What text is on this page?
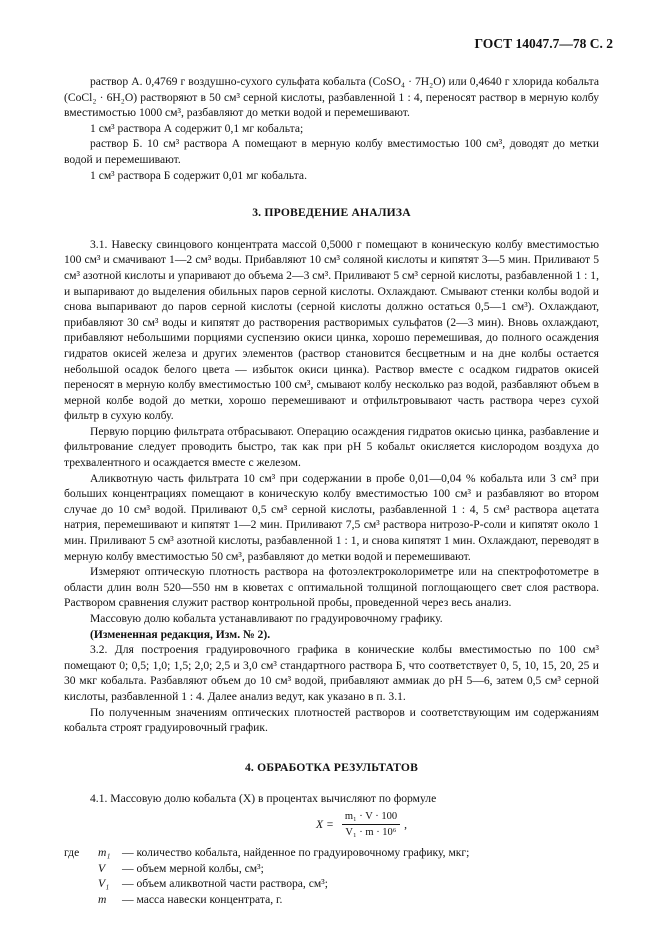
ГОСТ 14047.7—78 С. 2

раствор А. 0,4769 г воздушно-сухого сульфата кобальта (CoSO₄ · 7H₂O) или 0,4640 г хлорида кобальта (CoCl₂ · 6H₂O) растворяют в 50 см³ серной кислоты, разбавленной 1 : 4, переносят раствор в мерную колбу вместимостью 1000 см³, разбавляют до метки водой и перемешивают.

1 см³ раствора А содержит 0,1 мг кобальта;

раствор Б. 10 см³ раствора А помещают в мерную колбу вместимостью 100 см³, доводят до метки водой и перемешивают.

1 см³ раствора Б содержит 0,01 мг кобальта.

3. ПРОВЕДЕНИЕ АНАЛИЗА

3.1. Навеску свинцового концентрата массой 0,5000 г помещают в коническую колбу вместимостью 100 см³ и смачивают 1—2 см³ воды. Прибавляют 10 см³ соляной кислоты и кипятят 3—5 мин. Приливают 5 см³ азотной кислоты и упаривают до объема 2—3 см³. Приливают 5 см³ серной кислоты, разбавленной 1 : 1, и выпаривают до выделения обильных паров серной кислоты. Охлаждают. Смывают стенки колбы водой и снова выпаривают до паров серной кислоты (серной кислоты должно остаться 0,5—1 см³). Охлаждают, прибавляют 30 см³ воды и кипятят до растворения растворимых сульфатов (2—3 мин). Вновь охлаждают, прибавляют небольшими порциями суспензию окиси цинка, хорошо перемешивая, до полного осаждения гидратов окисей железа и других элементов (раствор становится бесцветным и на дне колбы остается небольшой осадок белого цвета — избыток окиси цинка). Раствор вместе с осадком гидратов окисей переносят в мерную колбу вместимостью 100 см³, смывают колбу несколько раз водой, разбавляют объем в мерной колбе водой до метки, хорошо перемешивают и отфильтровывают часть раствора через сухой фильтр в сухую колбу.

Первую порцию фильтрата отбрасывают. Операцию осаждения гидратов окисью цинка, разбавление и фильтрование следует проводить быстро, так как при pH 5 кобальт окисляется кислородом воздуха до трехвалентного и осаждается вместе с железом.

Аликвотную часть фильтрата 10 см³ при содержании в пробе 0,01—0,04 % кобальта или 3 см³ при больших концентрациях помещают в коническую колбу вместимостью 100 см³ и разбавляют во втором случае до 10 см³ водой. Приливают 0,5 см³ серной кислоты, разбавленной 1 : 4, 5 см³ раствора ацетата натрия, перемешивают и кипятят 1—2 мин. Приливают 7,5 см³ раствора нитрозо-Р-соли и кипятят около 1 мин. Приливают 5 см³ азотной кислоты, разбавленной 1 : 1, и снова кипятят 1 мин. Охлаждают, переводят в мерную колбу вместимостью 50 см³, разбавляют до метки водой и перемешивают.

Измеряют оптическую плотность раствора на фотоэлектроколориметре или на спектрофотометре в области длин волн 520—550 нм в кюветах с оптимальной толщиной поглощающего свет слоя раствора. Раствором сравнения служит раствор контрольной пробы, проведенной через весь анализ.

Массовую долю кобальта устанавливают по градуировочному графику.

(Измененная редакция, Изм. № 2).

3.2. Для построения градуировочного графика в конические колбы вместимостью по 100 см³ помещают 0; 0,5; 1,0; 1,5; 2,0; 2,5 и 3,0 см³ стандартного раствора Б, что соответствует 0, 5, 10, 15, 20, 25 и 30 мкг кобальта. Разбавляют объем до 10 см³ водой, прибавляют аммиак до pH 5—6, затем 0,5 см³ серной кислоты, разбавленной 1 : 4. Далее анализ ведут, как указано в п. 3.1.

По полученным значениям оптических плотностей растворов и соответствующим им содержаниям кобальта строят градуировочный график.

4. ОБРАБОТКА РЕЗУЛЬТАТОВ

4.1. Массовую долю кобальта (X) в процентах вычисляют по формуле

$X = \frac{\text{m₁ · V · 100}}{\text{V₁ · m · 10⁶}}$ ,
где	m₁ — количество кобальта, найденное по градуировочному графику, мкг;
V	— объем мерной колбы, см³;
V₁	— объем аликвотной части раствора, см³;
m	— масса навески концентрата, г.
